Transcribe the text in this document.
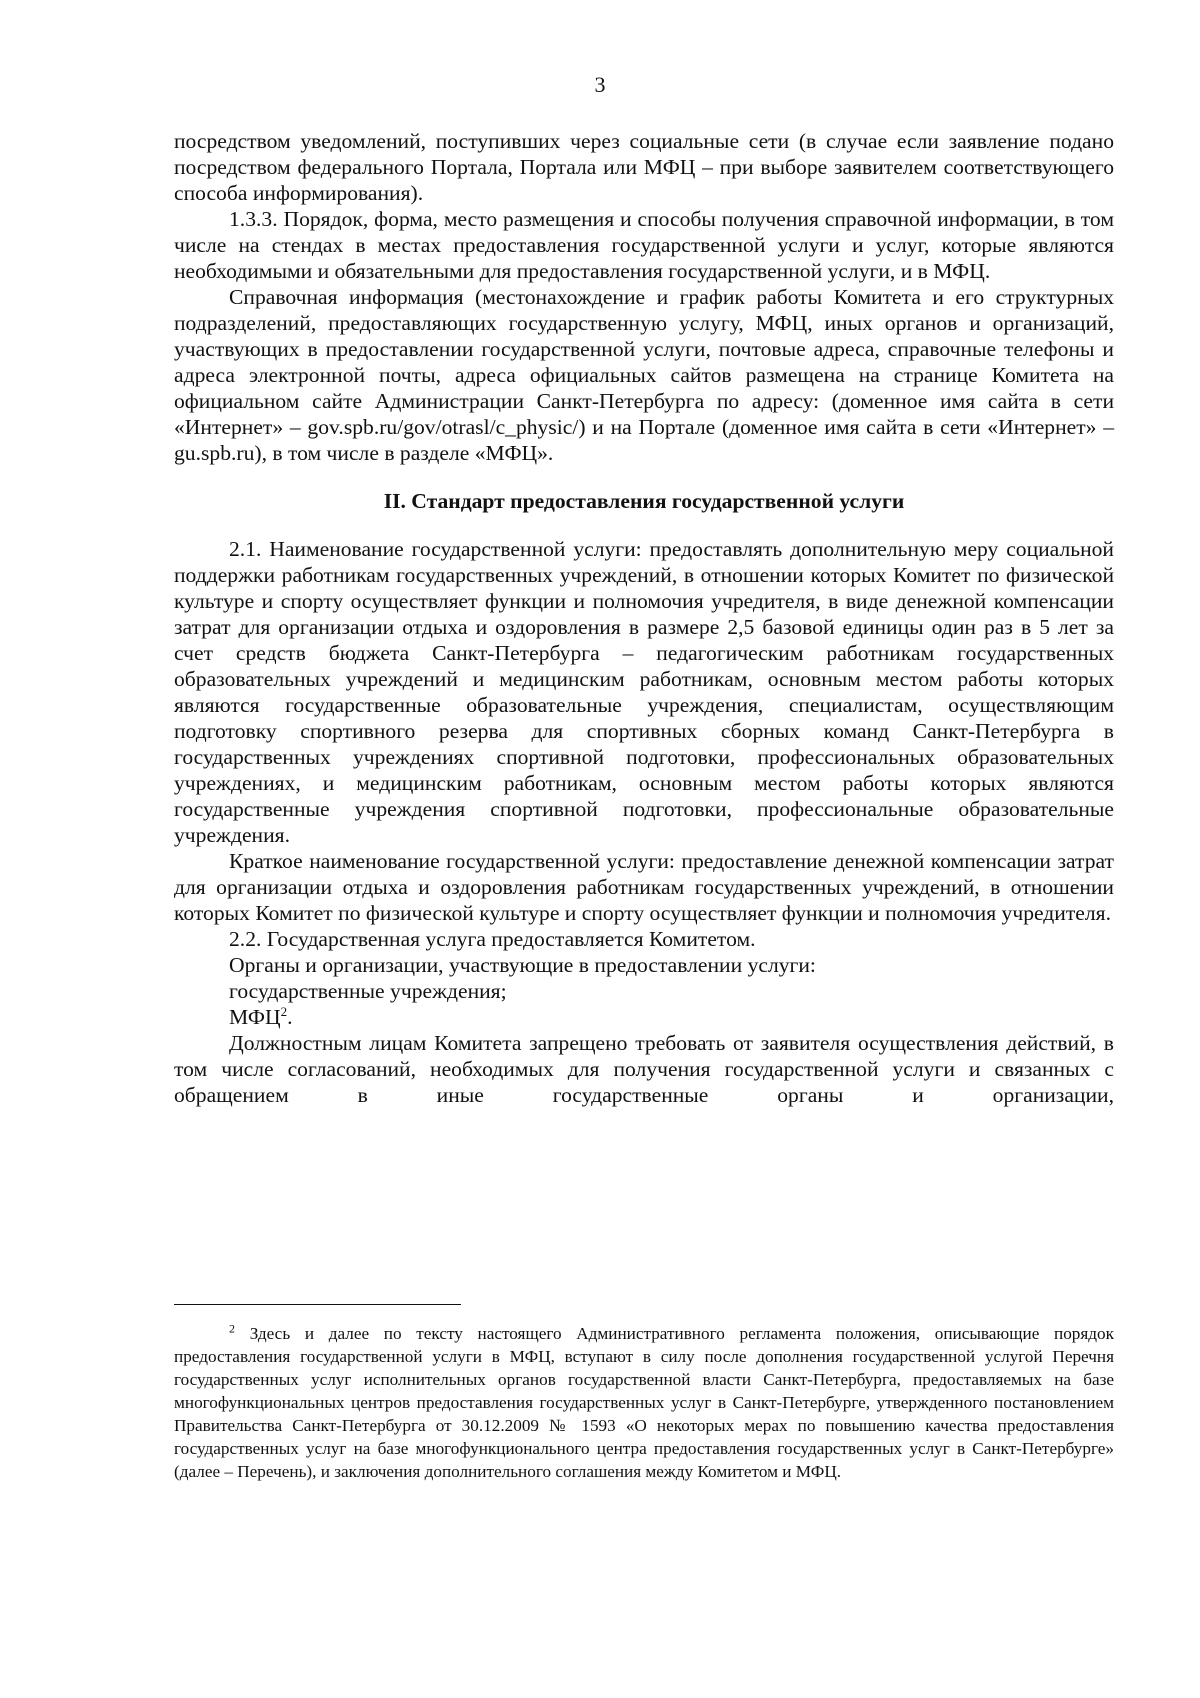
3

посредством уведомлений, поступивших через социальные сети (в случае если заявление подано посредством федерального Портала, Портала или МФЦ – при выборе заявителем соответствующего способа информирования).

1.3.3. Порядок, форма, место размещения и способы получения справочной информации, в том числе на стендах в местах предоставления государственной услуги и услуг, которые являются необходимыми и обязательными для предоставления государственной услуги, и в МФЦ.

Справочная информация (местонахождение и график работы Комитета и его структурных подразделений, предоставляющих государственную услугу, МФЦ, иных органов и организаций, участвующих в предоставлении государственной услуги, почтовые адреса, справочные телефоны и адреса электронной почты, адреса официальных сайтов размещена на странице Комитета на официальном сайте Администрации Санкт-Петербурга по адресу: (доменное имя сайта в сети «Интернет» – gov.spb.ru/gov/otrasl/c_physic/) и на Портале (доменное имя сайта в сети «Интернет» – gu.spb.ru), в том числе в разделе «МФЦ».

II. Стандарт предоставления государственной услуги

2.1. Наименование государственной услуги: предоставлять дополнительную меру социальной поддержки работникам государственных учреждений, в отношении которых Комитет по физической культуре и спорту осуществляет функции и полномочия учредителя, в виде денежной компенсации затрат для организации отдыха и оздоровления в размере 2,5 базовой единицы один раз в 5 лет за счет средств бюджета Санкт-Петербурга – педагогическим работникам государственных образовательных учреждений и медицинским работникам, основным местом работы которых являются государственные образовательные учреждения, специалистам, осуществляющим подготовку спортивного резерва для спортивных сборных команд Санкт-Петербурга в государственных учреждениях спортивной подготовки, профессиональных образовательных учреждениях, и медицинским работникам, основным местом работы которых являются государственные учреждения спортивной подготовки, профессиональные образовательные учреждения.

Краткое наименование государственной услуги: предоставление денежной компенсации затрат для организации отдыха и оздоровления работникам государственных учреждений, в отношении которых Комитет по физической культуре и спорту осуществляет функции и полномочия учредителя.

2.2. Государственная услуга предоставляется Комитетом.

Органы и организации, участвующие в предоставлении услуги:

государственные учреждения;

МФЦ$^2$.

Должностным лицам Комитета запрещено требовать от заявителя осуществления действий, в том числе согласований, необходимых для получения государственной услуги и связанных с обращением в иные государственные органы и организации,

$^2$ Здесь и далее по тексту настоящего Административного регламента положения, описывающие порядок предоставления государственной услуги в МФЦ, вступают в силу после дополнения государственной услугой Перечня государственных услуг исполнительных органов государственной власти Санкт-Петербурга, предоставляемых на базе многофункциональных центров предоставления государственных услуг в Санкт-Петербурге, утвержденного постановлением Правительства Санкт-Петербурга от 30.12.2009 № 1593 «О некоторых мерах по повышению качества предоставления государственных услуг на базе многофункционального центра предоставления государственных услуг в Санкт-Петербурге» (далее – Перечень), и заключения дополнительного соглашения между Комитетом и МФЦ.
